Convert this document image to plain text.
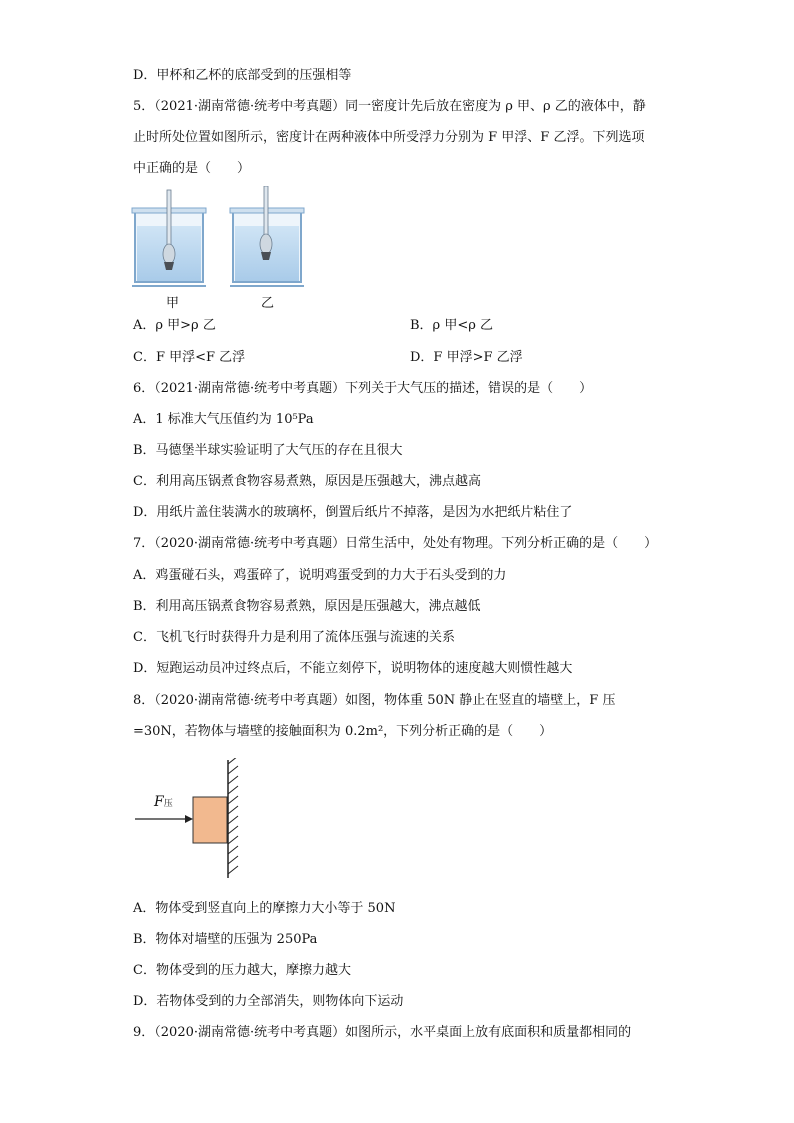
D．甲杯和乙杯的底部受到的压强相等
5．（2021·湖南常德·统考中考真题）同一密度计先后放在密度为 ρ 甲、ρ 乙的液体中，静
止时所处位置如图所示，密度计在两种液体中所受浮力分别为 F 甲浮、F 乙浮。下列选项
中正确的是（　　）
甲	乙
A．ρ 甲>ρ 乙	B．ρ 甲<ρ 乙
C．F 甲浮<F 乙浮	D．F 甲浮>F 乙浮
6．（2021·湖南常德·统考中考真题）下列关于大气压的描述，错误的是（　　）
A．1 标准大气压值约为 10⁵Pa
B．马德堡半球实验证明了大气压的存在且很大
C．利用高压锅煮食物容易煮熟，原因是压强越大，沸点越高
D．用纸片盖住装满水的玻璃杯，倒置后纸片不掉落，是因为水把纸片粘住了
7．（2020·湖南常德·统考中考真题）日常生活中，处处有物理。下列分析正确的是（　　）
A．鸡蛋碰石头，鸡蛋碎了，说明鸡蛋受到的力大于石头受到的力
B．利用高压锅煮食物容易煮熟，原因是压强越大，沸点越低
C．飞机飞行时获得升力是利用了流体压强与流速的关系
D．短跑运动员冲过终点后，不能立刻停下，说明物体的速度越大则惯性越大
8．（2020·湖南常德·统考中考真题）如图，物体重 50N 静止在竖直的墙壁上，F 压
=30N，若物体与墙壁的接触面积为 0.2m²，下列分析正确的是（　　）
F压
A．物体受到竖直向上的摩擦力大小等于 50N
B．物体对墙壁的压强为 250Pa
C．物体受到的压力越大，摩擦力越大
D．若物体受到的力全部消失，则物体向下运动
9．（2020·湖南常德·统考中考真题）如图所示，水平桌面上放有底面积和质量都相同的
